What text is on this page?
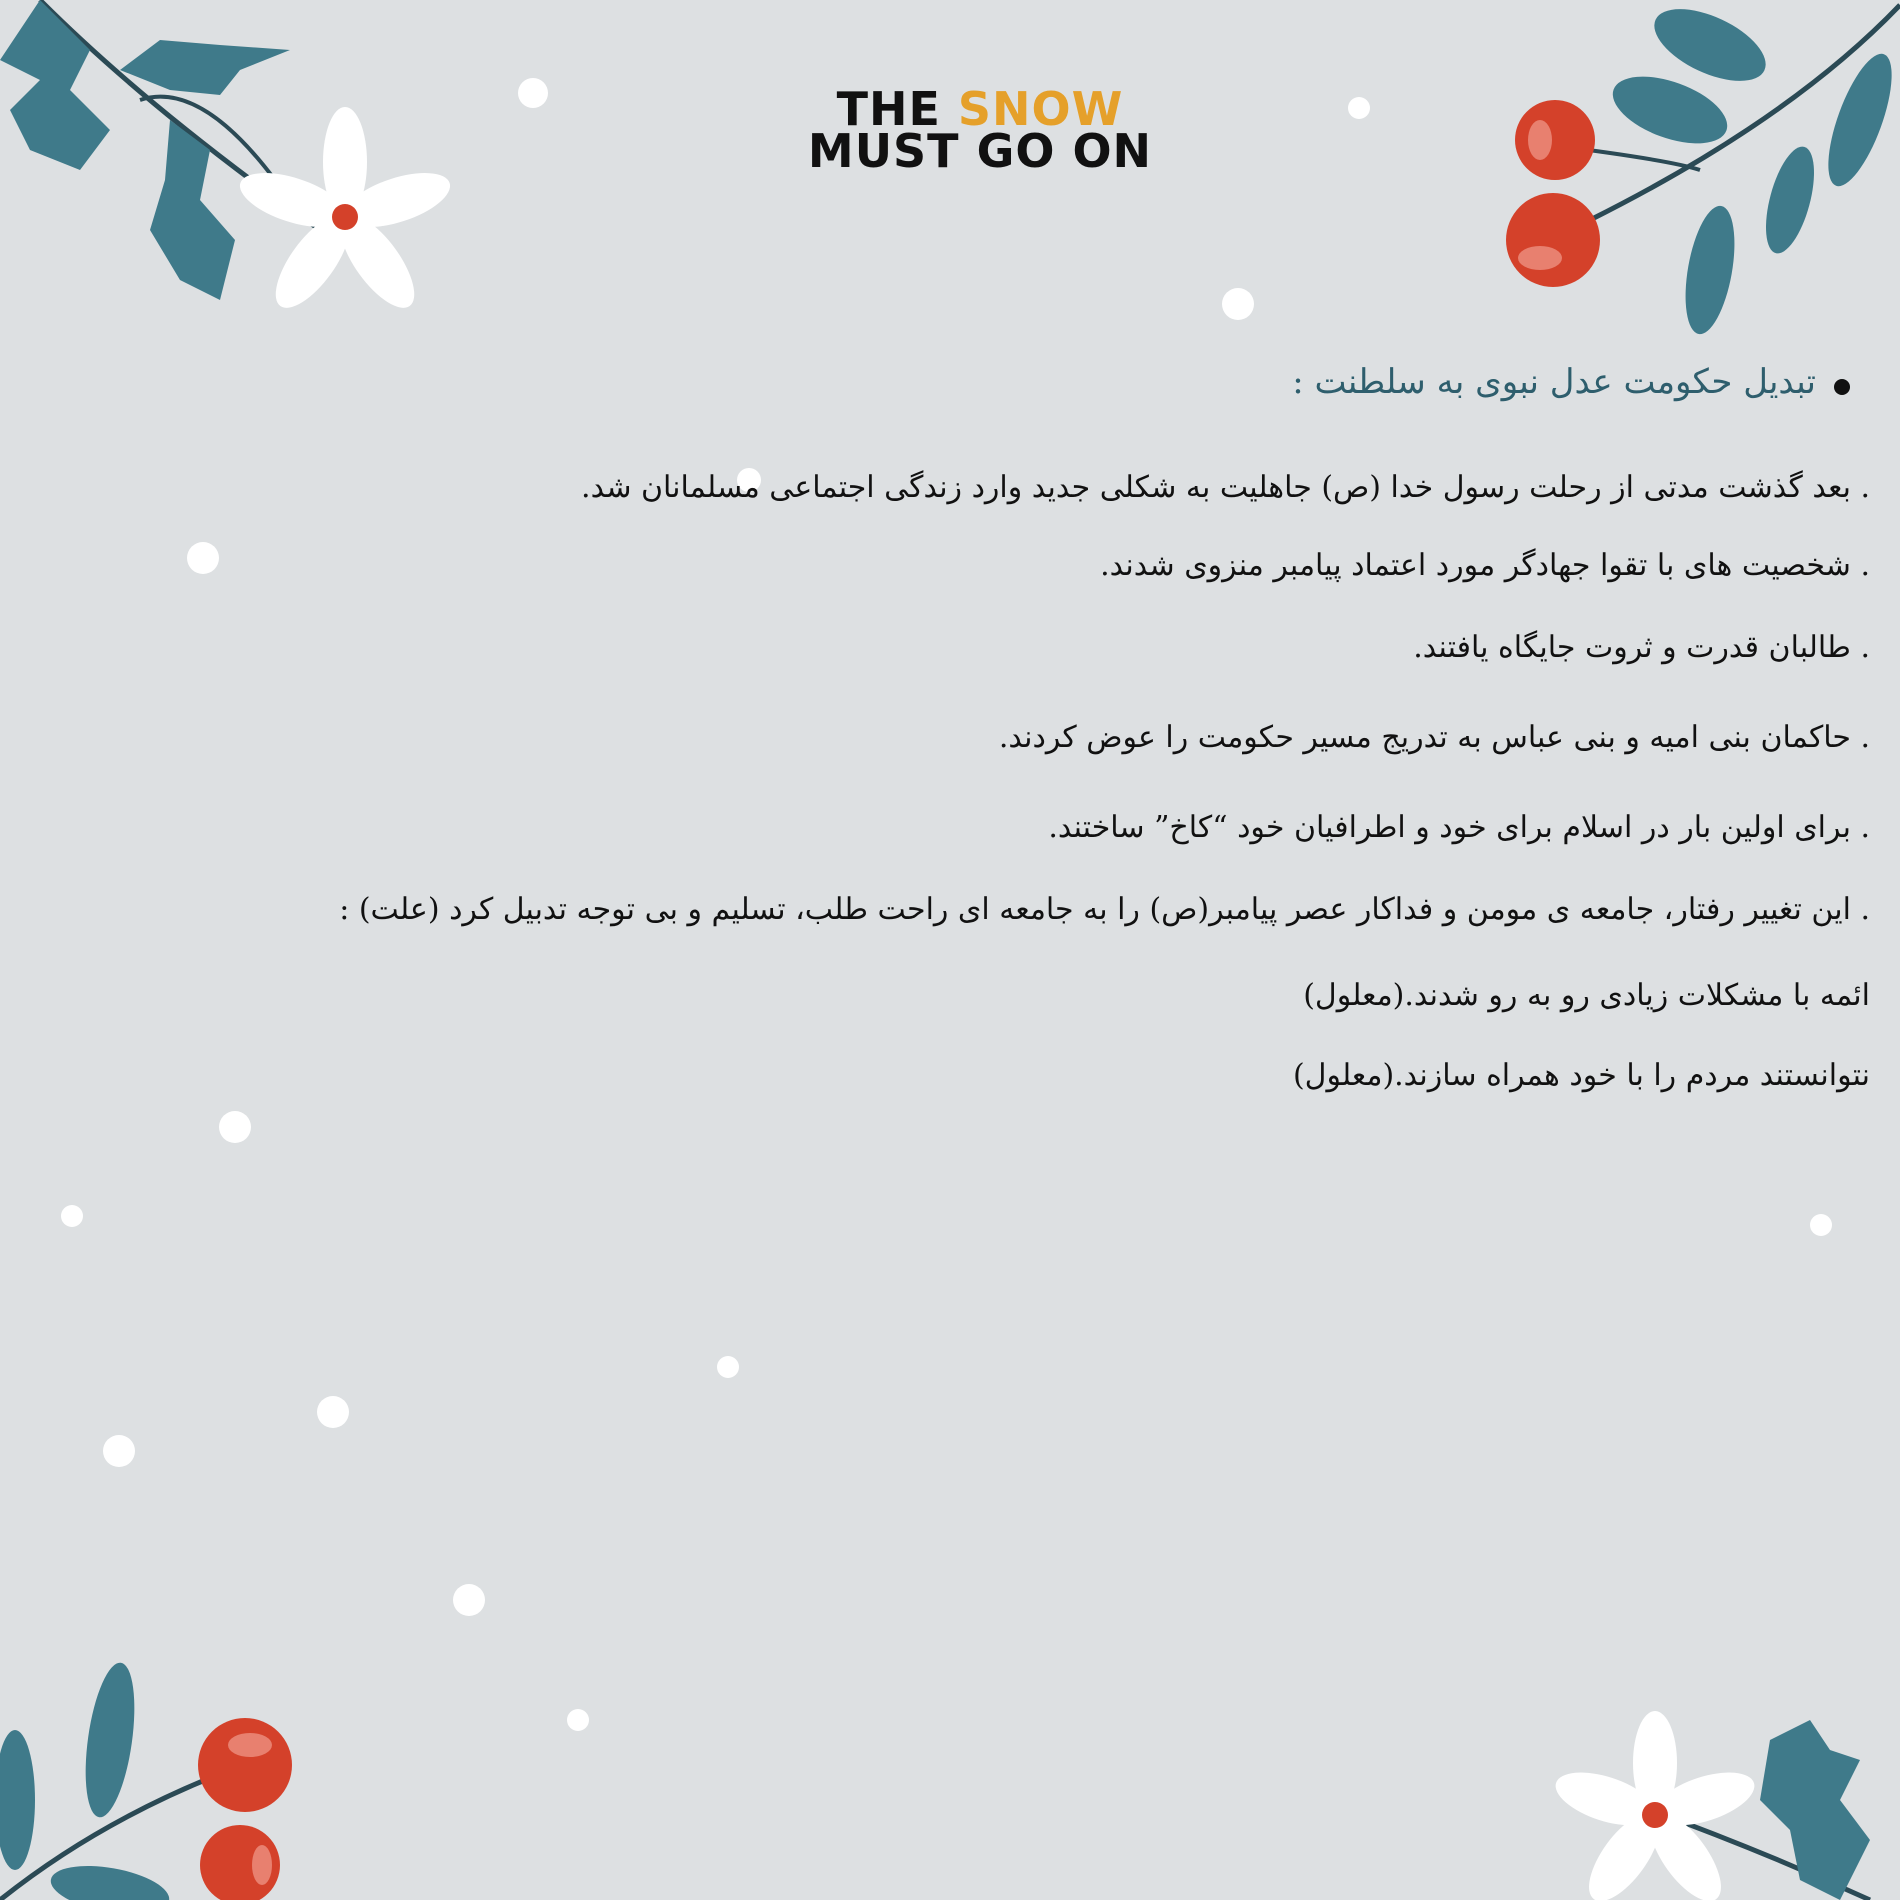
THE SNOW
MUST GO ON
تبدیل حکومت عدل نبوی به سلطنت :
. بعد گذشت مدتی از رحلت رسول خدا (ص) جاهلیت به شکلی جدید وارد زندگی اجتماعی مسلمانان شد.
. شخصیت های با تقوا جهادگر مورد اعتماد پیامبر منزوی شدند.
. طالبان قدرت و ثروت جایگاه یافتند.
. حاکمان بنی امیه و بنی عباس به تدریج مسیر حکومت را عوض کردند.
. برای اولین بار در اسلام برای خود و اطرافیان خود “کاخ” ساختند.
. این تغییر رفتار، جامعه ی مومن و فداکار عصر پیامبر(ص) را به جامعه ای راحت طلب، تسلیم و بی توجه تدبیل کرد (علت) :
ائمه با مشکلات زیادی رو به رو شدند.(معلول)
نتوانستند مردم را با خود همراه سازند.(معلول)
